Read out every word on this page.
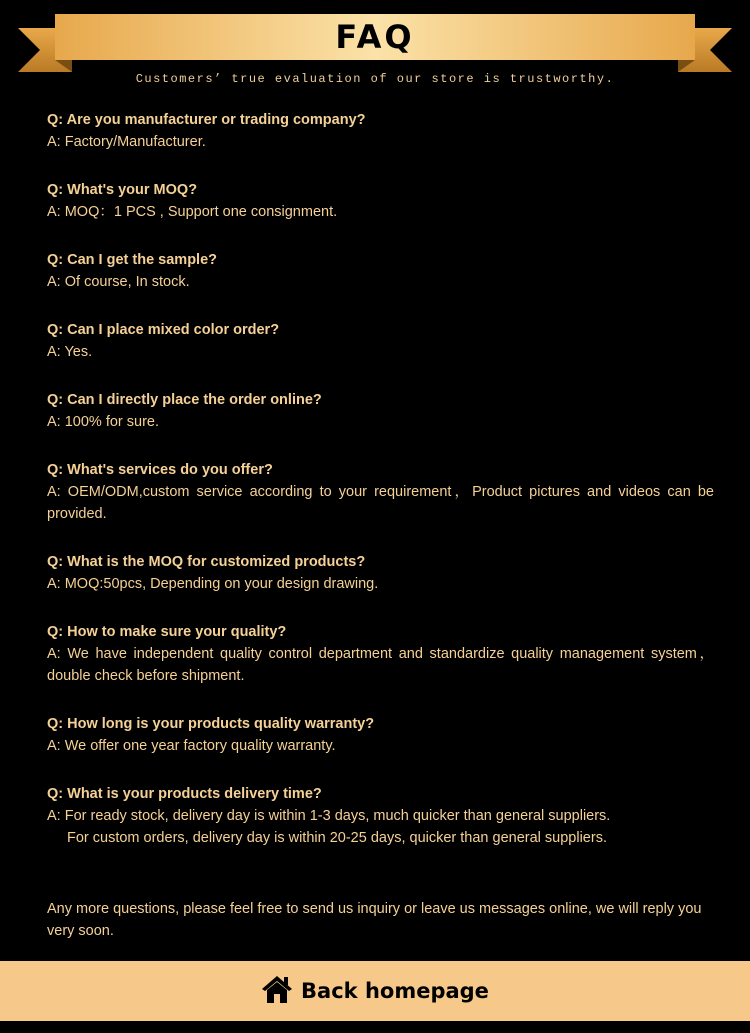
FAQ
Customers’ true evaluation of our store is trustworthy.
Q: Are you manufacturer or trading company?
A: Factory/Manufacturer.
Q: What's your MOQ?
A: MOQ：1 PCS , Support one consignment.
Q: Can I get the sample?
A: Of course, In stock.
Q: Can I place mixed color order?
A: Yes.
Q: Can I directly place the order online?
A: 100% for sure.
Q: What's services do you offer?
A: OEM/ODM,custom service according to your requirement，Product pictures and videos can be provided.
Q: What is the MOQ for customized products?
A: MOQ:50pcs, Depending on your design drawing.
Q: How to make sure your quality?
A: We have independent quality control department and standardize quality management system，double check before shipment.
Q: How long is your products quality warranty?
A: We offer one year factory quality warranty.
Q: What is your products delivery time?
A: For ready stock, delivery day is within 1-3 days, much quicker than general suppliers.
For custom orders, delivery day is within 20-25 days, quicker than general suppliers.
Any more questions, please feel free to send us inquiry or leave us messages online, we will reply you very soon.
Back homepage
